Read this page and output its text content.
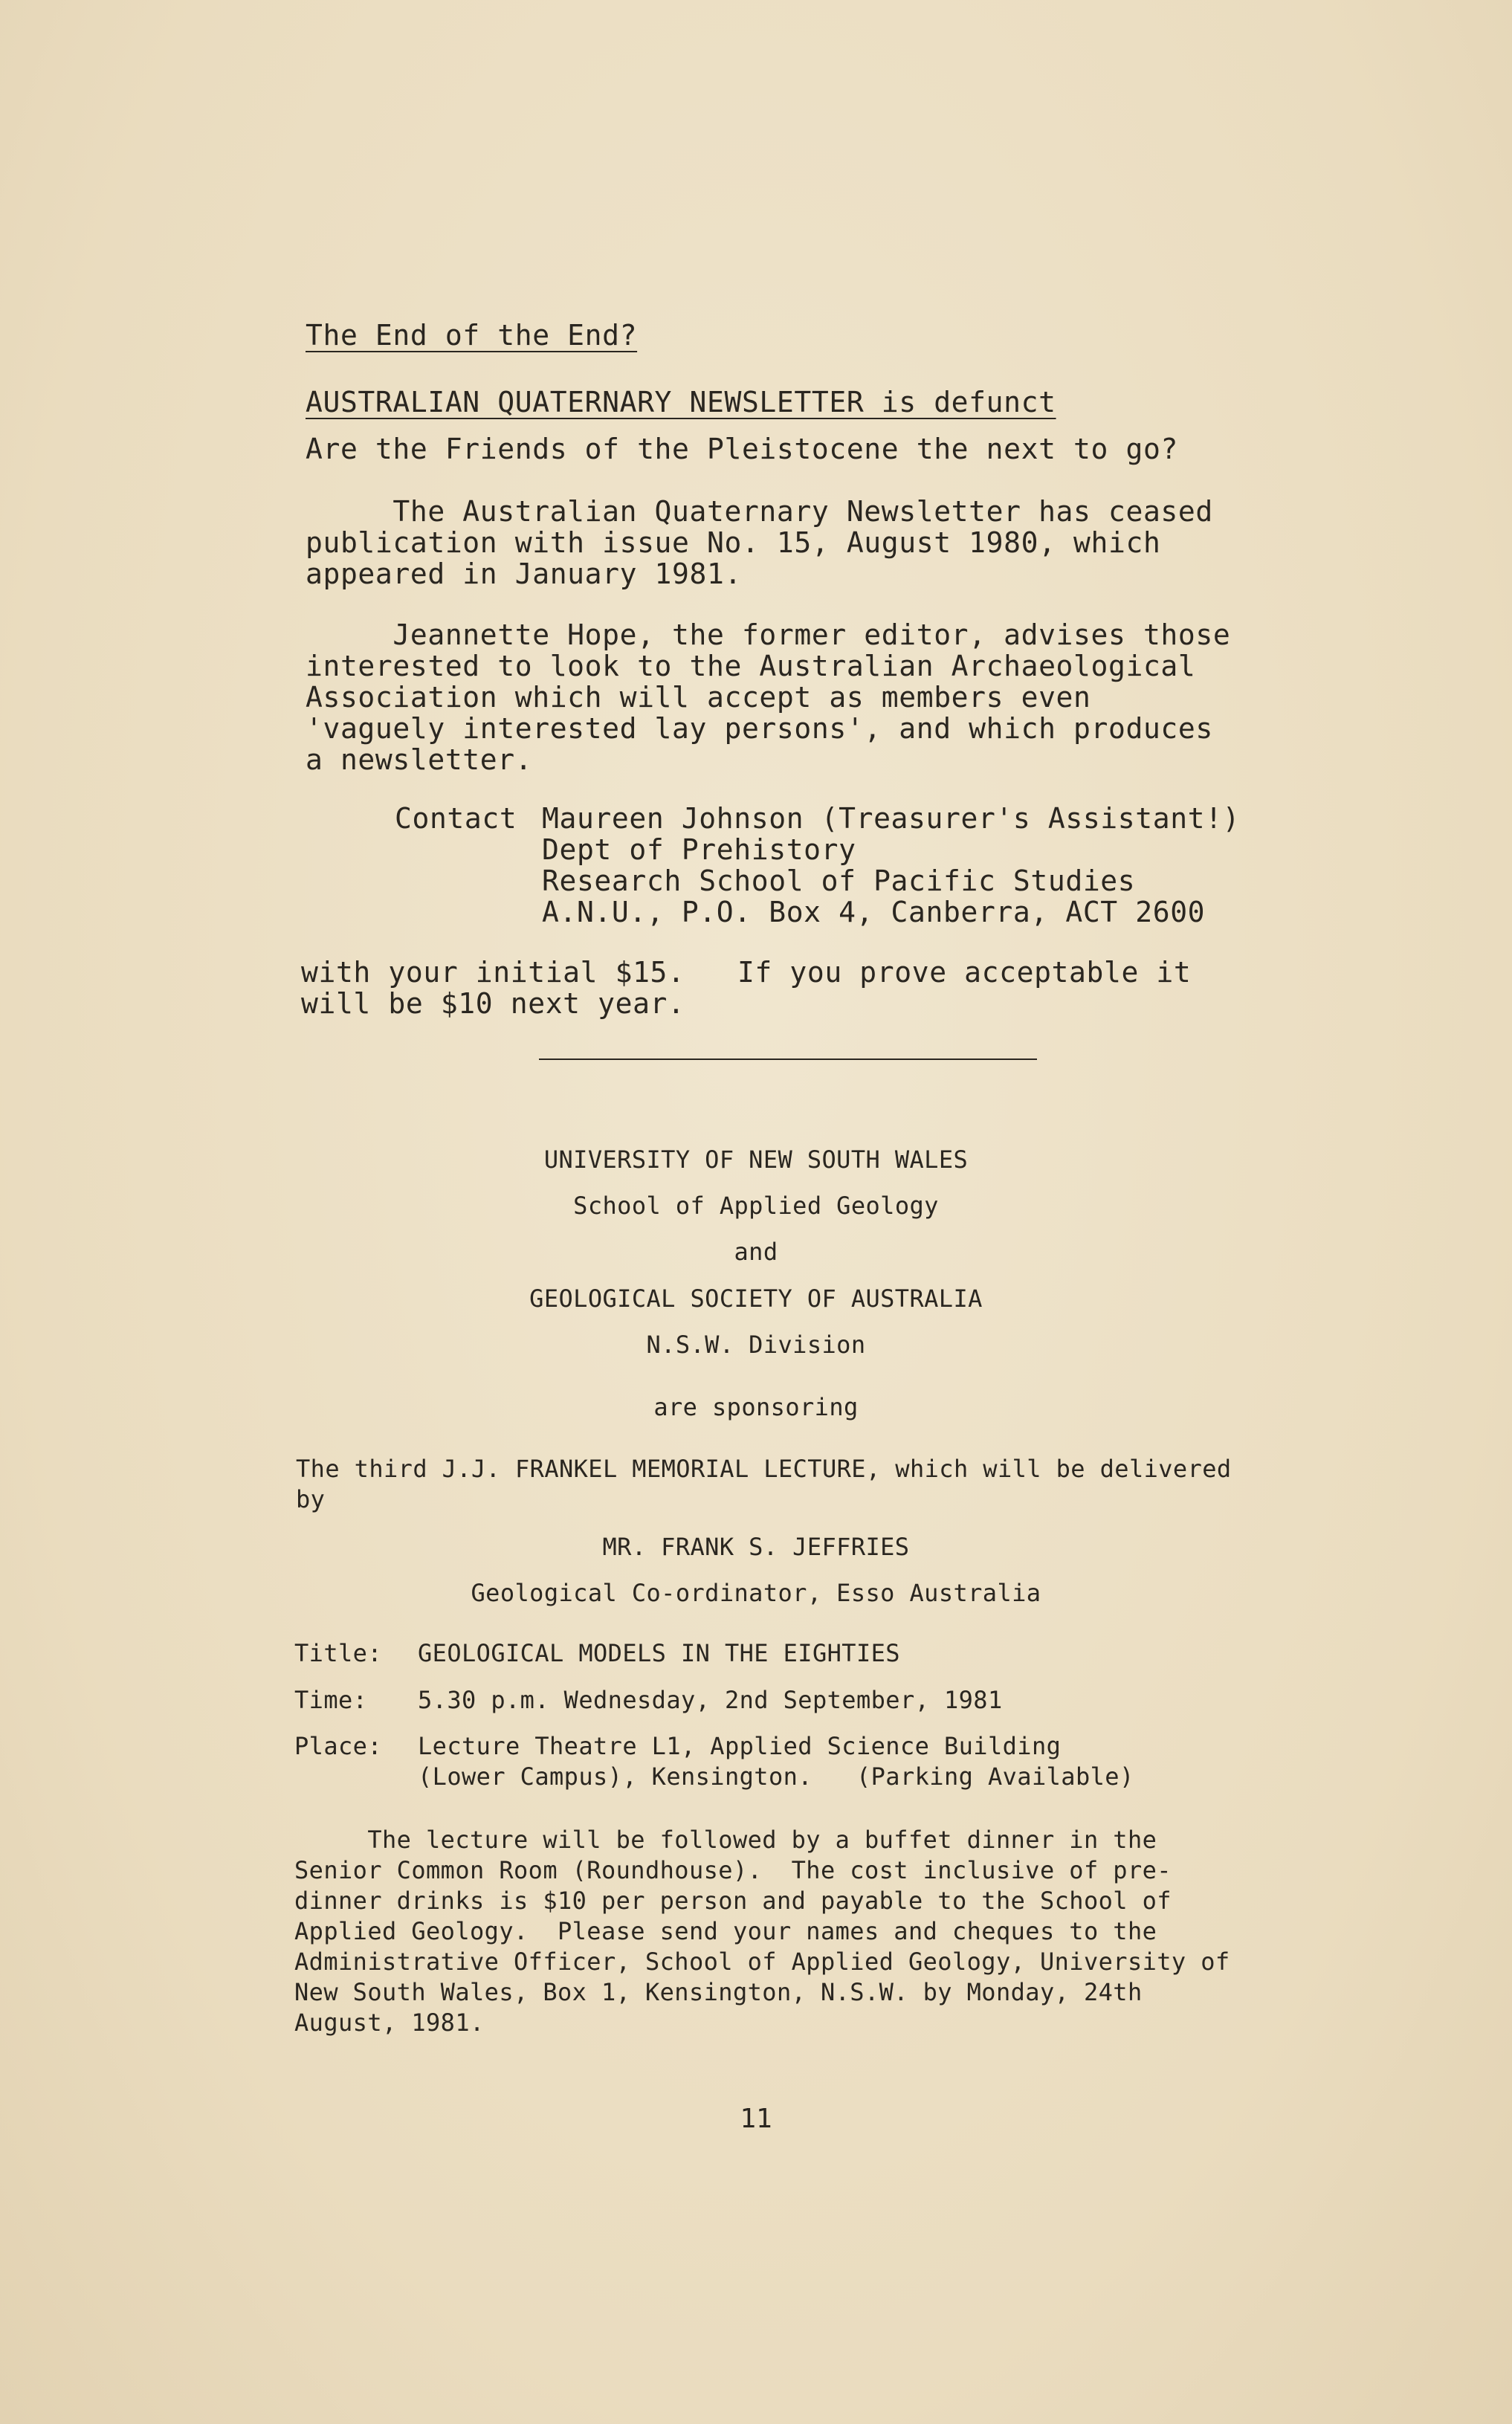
The End of the End?
AUSTRALIAN QUATERNARY NEWSLETTER is defunct
Are the Friends of the Pleistocene the next to go?
The Australian Quaternary Newsletter has ceased
publication with issue No. 15, August 1980, which
appeared in January 1981.
Jeannette Hope, the former editor, advises those
interested to look to the Australian Archaeological
Association which will accept as members even
'vaguely interested lay persons', and which produces
a newsletter.
Contact Maureen Johnson (Treasurer's Assistant!)
Dept of Prehistory
Research School of Pacific Studies
A.N.U., P.O. Box 4, Canberra, ACT 2600
with your initial $15.   If you prove acceptable it
will be $10 next year.
UNIVERSITY OF NEW SOUTH WALES
School of Applied Geology
and
GEOLOGICAL SOCIETY OF AUSTRALIA
N.S.W. Division
are sponsoring
The third J.J. FRANKEL MEMORIAL LECTURE, which will be delivered
by
MR. FRANK S. JEFFRIES
Geological Co-ordinator, Esso Australia
Title: GEOLOGICAL MODELS IN THE EIGHTIES
Time: 5.30 p.m. Wednesday, 2nd September, 1981
Place: Lecture Theatre L1, Applied Science Building
(Lower Campus), Kensington.   (Parking Available)
The lecture will be followed by a buffet dinner in the
Senior Common Room (Roundhouse).  The cost inclusive of pre-
dinner drinks is $10 per person and payable to the School of
Applied Geology.  Please send your names and cheques to the
Administrative Officer, School of Applied Geology, University of
New South Wales, Box 1, Kensington, N.S.W. by Monday, 24th
August, 1981.
11
